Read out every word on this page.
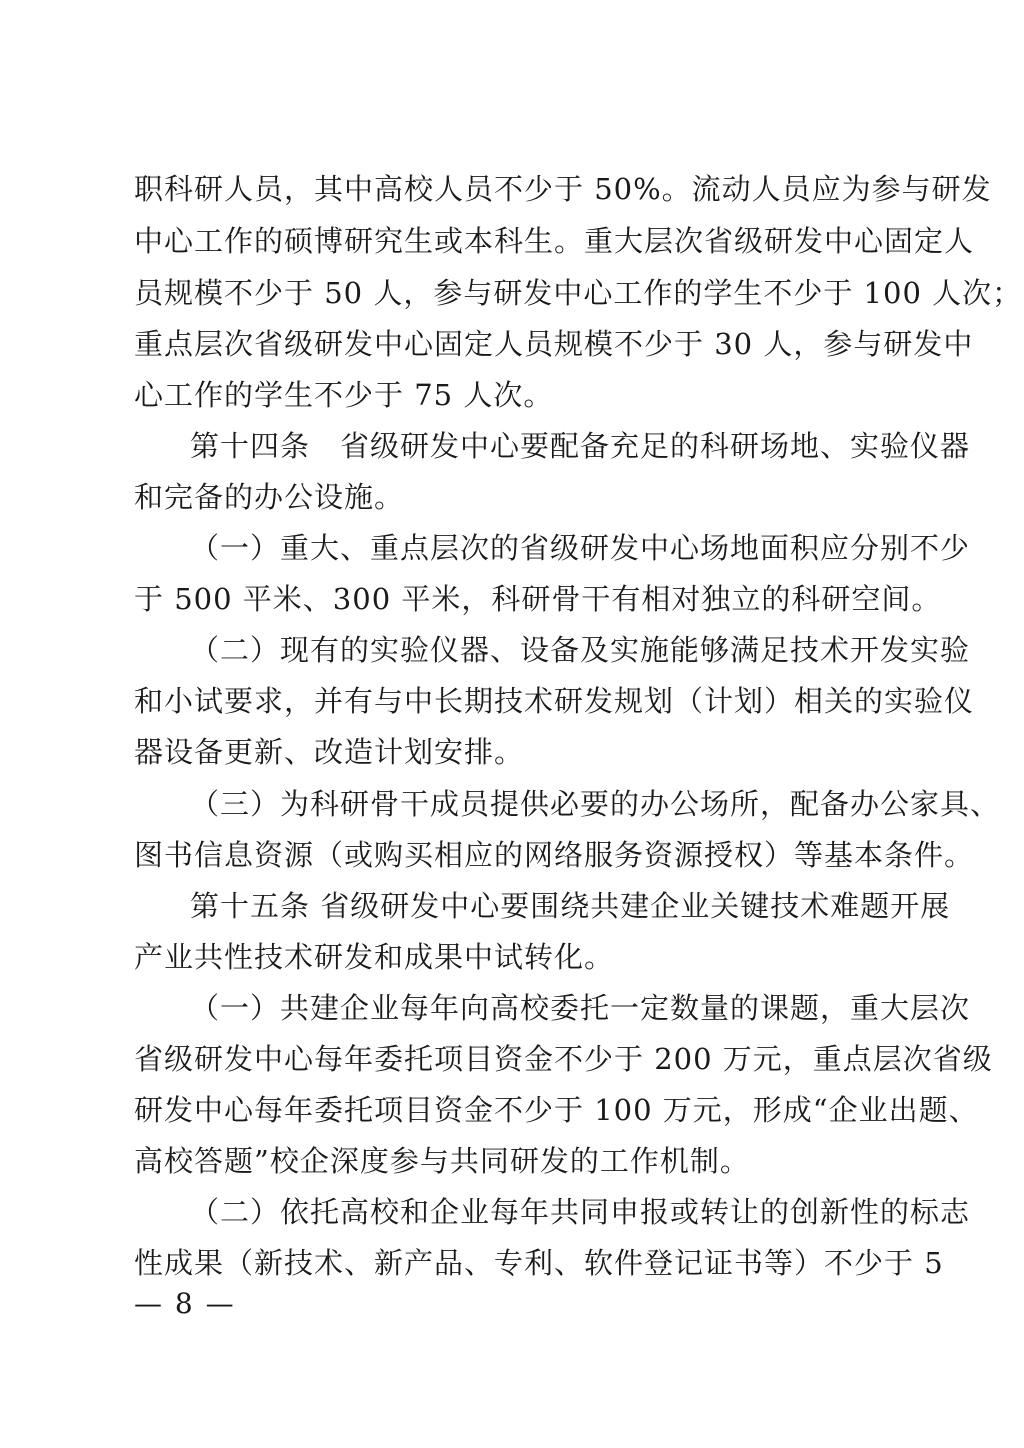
职科研人员，其中高校人员不少于 50%。流动人员应为参与研发
中心工作的硕博研究生或本科生。重大层次省级研发中心固定人
员规模不少于 50 人，参与研发中心工作的学生不少于 100 人次；
重点层次省级研发中心固定人员规模不少于 30 人，参与研发中
心工作的学生不少于 75 人次。
第十四条　省级研发中心要配备充足的科研场地、实验仪器
和完备的办公设施。
（一）重大、重点层次的省级研发中心场地面积应分别不少
于 500 平米、300 平米，科研骨干有相对独立的科研空间。
（二）现有的实验仪器、设备及实施能够满足技术开发实验
和小试要求，并有与中长期技术研发规划（计划）相关的实验仪
器设备更新、改造计划安排。
（三）为科研骨干成员提供必要的办公场所，配备办公家具、
图书信息资源（或购买相应的网络服务资源授权）等基本条件。
第十五条 省级研发中心要围绕共建企业关键技术难题开展
产业共性技术研发和成果中试转化。
（一）共建企业每年向高校委托一定数量的课题，重大层次
省级研发中心每年委托项目资金不少于 200 万元，重点层次省级
研发中心每年委托项目资金不少于 100 万元，形成“企业出题、
高校答题”校企深度参与共同研发的工作机制。
（二）依托高校和企业每年共同申报或转让的创新性的标志
性成果（新技术、新产品、专利、软件登记证书等）不少于 5
— 8 —
